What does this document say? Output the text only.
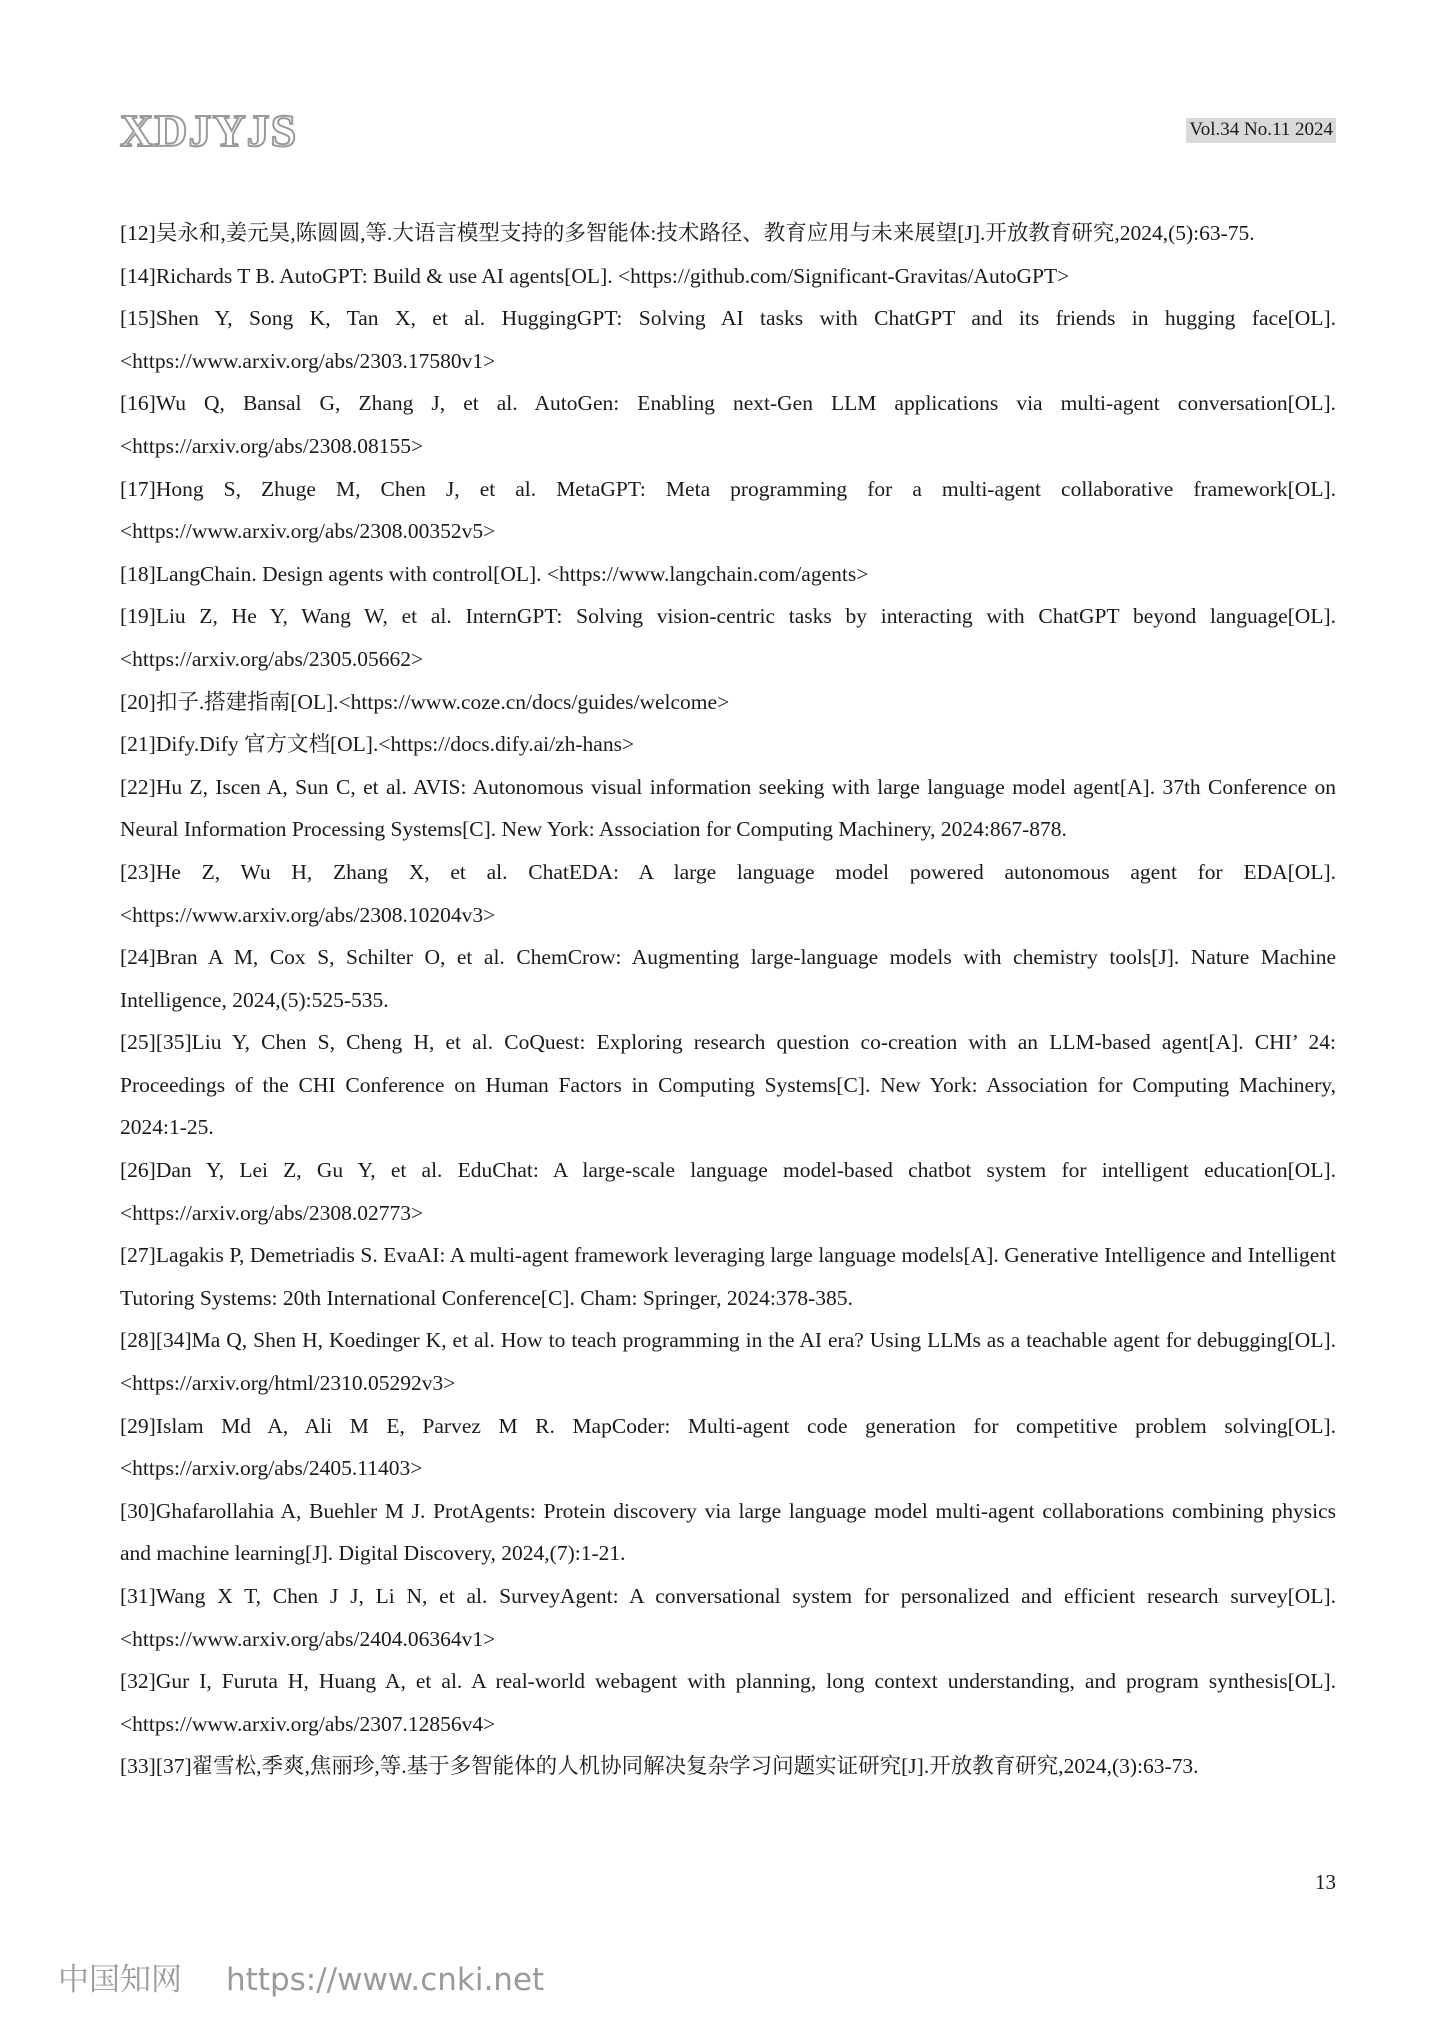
XDJYJS	Vol.34 No.11 2024
[12]吴永和,姜元昊,陈圆圆,等.大语言模型支持的多智能体:技术路径、教育应用与未来展望[J].开放教育研究,2024,(5):63-75.
[14]Richards T B. AutoGPT: Build & use AI agents[OL]. <https://github.com/Significant-Gravitas/AutoGPT>
[15]Shen Y, Song K, Tan X, et al. HuggingGPT: Solving AI tasks with ChatGPT and its friends in hugging face[OL]. <https://www.arxiv.org/abs/2303.17580v1>
[16]Wu Q, Bansal G, Zhang J, et al. AutoGen: Enabling next-Gen LLM applications via multi-agent conversation[OL]. <https://arxiv.org/abs/2308.08155>
[17]Hong S, Zhuge M, Chen J, et al. MetaGPT: Meta programming for a multi-agent collaborative framework[OL]. <https://www.arxiv.org/abs/2308.00352v5>
[18]LangChain. Design agents with control[OL]. <https://www.langchain.com/agents>
[19]Liu Z, He Y, Wang W, et al. InternGPT: Solving vision-centric tasks by interacting with ChatGPT beyond language[OL]. <https://arxiv.org/abs/2305.05662>
[20]扣子.搭建指南[OL].<https://www.coze.cn/docs/guides/welcome>
[21]Dify.Dify 官方文档[OL].<https://docs.dify.ai/zh-hans>
[22]Hu Z, Iscen A, Sun C, et al. AVIS: Autonomous visual information seeking with large language model agent[A]. 37th Conference on Neural Information Processing Systems[C]. New York: Association for Computing Machinery, 2024:867-878.
[23]He Z, Wu H, Zhang X, et al. ChatEDA: A large language model powered autonomous agent for EDA[OL]. <https://www.arxiv.org/abs/2308.10204v3>
[24]Bran A M, Cox S, Schilter O, et al. ChemCrow: Augmenting large-language models with chemistry tools[J]. Nature Machine Intelligence, 2024,(5):525-535.
[25][35]Liu Y, Chen S, Cheng H, et al. CoQuest: Exploring research question co-creation with an LLM-based agent[A]. CHI’ 24: Proceedings of the CHI Conference on Human Factors in Computing Systems[C]. New York: Association for Computing Machinery, 2024:1-25.
[26]Dan Y, Lei Z, Gu Y, et al. EduChat: A large-scale language model-based chatbot system for intelligent education[OL]. <https://arxiv.org/abs/2308.02773>
[27]Lagakis P, Demetriadis S. EvaAI: A multi-agent framework leveraging large language models[A]. Generative Intelligence and Intelligent Tutoring Systems: 20th International Conference[C]. Cham: Springer, 2024:378-385.
[28][34]Ma Q, Shen H, Koedinger K, et al. How to teach programming in the AI era? Using LLMs as a teachable agent for debugging[OL]. <https://arxiv.org/html/2310.05292v3>
[29]Islam Md A, Ali M E, Parvez M R. MapCoder: Multi-agent code generation for competitive problem solving[OL]. <https://arxiv.org/abs/2405.11403>
[30]Ghafarollahia A, Buehler M J. ProtAgents: Protein discovery via large language model multi-agent collaborations combining physics and machine learning[J]. Digital Discovery, 2024,(7):1-21.
[31]Wang X T, Chen J J, Li N, et al. SurveyAgent: A conversational system for personalized and efficient research survey[OL]. <https://www.arxiv.org/abs/2404.06364v1>
[32]Gur I, Furuta H, Huang A, et al. A real-world webagent with planning, long context understanding, and program synthesis[OL]. <https://www.arxiv.org/abs/2307.12856v4>
[33][37]翟雪松,季爽,焦丽珍,等.基于多智能体的人机协同解决复杂学习问题实证研究[J].开放教育研究,2024,(3):63-73.
13
中国知网 https://www.cnki.net
